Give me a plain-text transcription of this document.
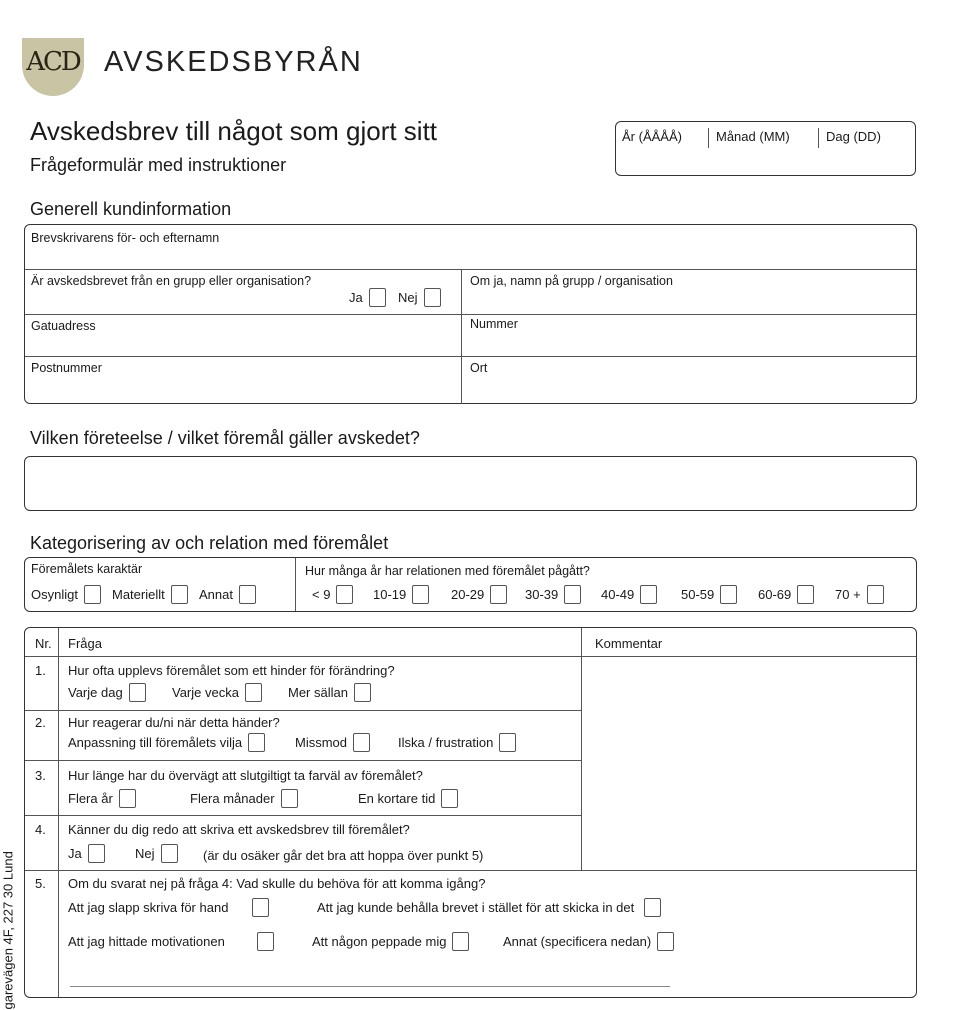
AⅭⅮ AVSKEDSBYRÅN
Avskedsbrev till något som gjort sitt
Frågeformulär med instruktioner
År (ÅÅÅÅ)	Månad (MM)	Dag (DD)
Generell kundinformation
Brevskrivarens för- och efternamn
Är avskedsbrevet från en grupp eller organisation?
Ja	Nej
Om ja, namn på grupp / organisation
Gatuadress	Nummer
Postnummer	Ort
Vilken företeelse / vilket föremål gäller avskedet?
Kategorisering av och relation med föremålet
Föremålets karaktär
Osynligt	Materiellt	Annat
Hur många år har relationen med föremålet pågått?
< 9	10-19	20-29	30-39	40-49	50-59	60-69	70 +
Nr. Fråga	Kommentar
1. Hur ofta upplevs föremålet som ett hinder för förändring?
Varje dag	Varje vecka	Mer sällan
2. Hur reagerar du/ni när detta händer?
Anpassning till föremålets vilja	Missmod	Ilska / frustration
3. Hur länge har du övervägt att slutgiltigt ta farväl av föremålet?
Flera år	Flera månader	En kortare tid
4. Känner du dig redo att skriva ett avskedsbrev till föremålet?
Ja	Nej	(är du osäker går det bra att hoppa över punkt 5)
5. Om du svarat nej på fråga 4: Vad skulle du behöva för att komma igång?
Att jag slapp skriva för hand	Att jag kunde behålla brevet i stället för att skicka in det
Att jag hittade motivationen	Att någon peppade mig	Annat (specificera nedan)
garevägen 4F, 227 30 Lund
